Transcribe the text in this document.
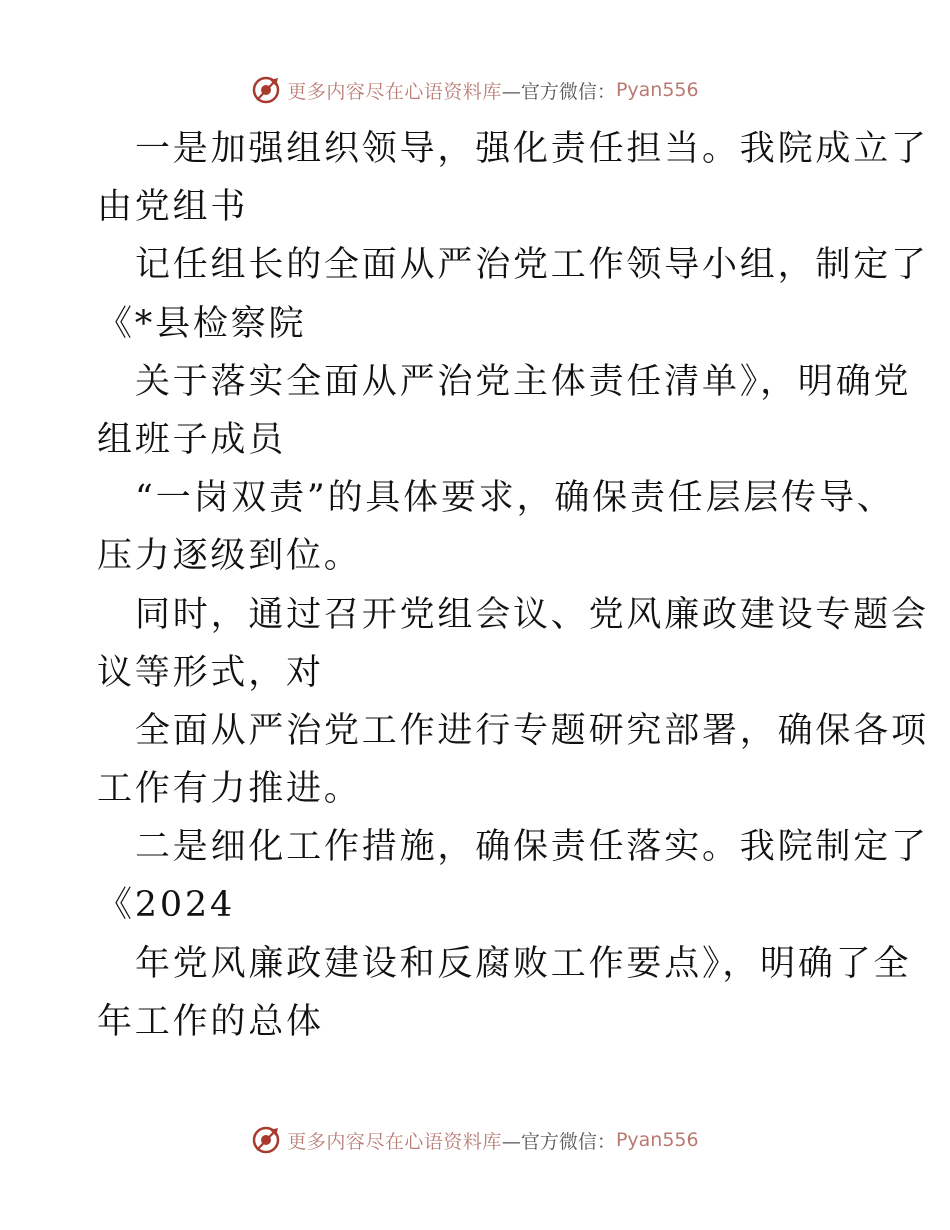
更多内容尽在心语资料库 —官方微信： Pyan556
一是加强组织领导，强化责任担当。我院成立了
由党组书
记任组长的全面从严治党工作领导小组，制定了
《*县检察院
关于落实全面从严治党主体责任清单》，明确党
组班子成员
“一岗双责”的具体要求，确保责任层层传导、
压力逐级到位。
同时，通过召开党组会议、党风廉政建设专题会
议等形式，对
全面从严治党工作进行专题研究部署，确保各项
工作有力推进。
二是细化工作措施，确保责任落实。我院制定了
《2024
年党风廉政建设和反腐败工作要点》，明确了全
年工作的总体
更多内容尽在心语资料库 —官方微信： Pyan556
